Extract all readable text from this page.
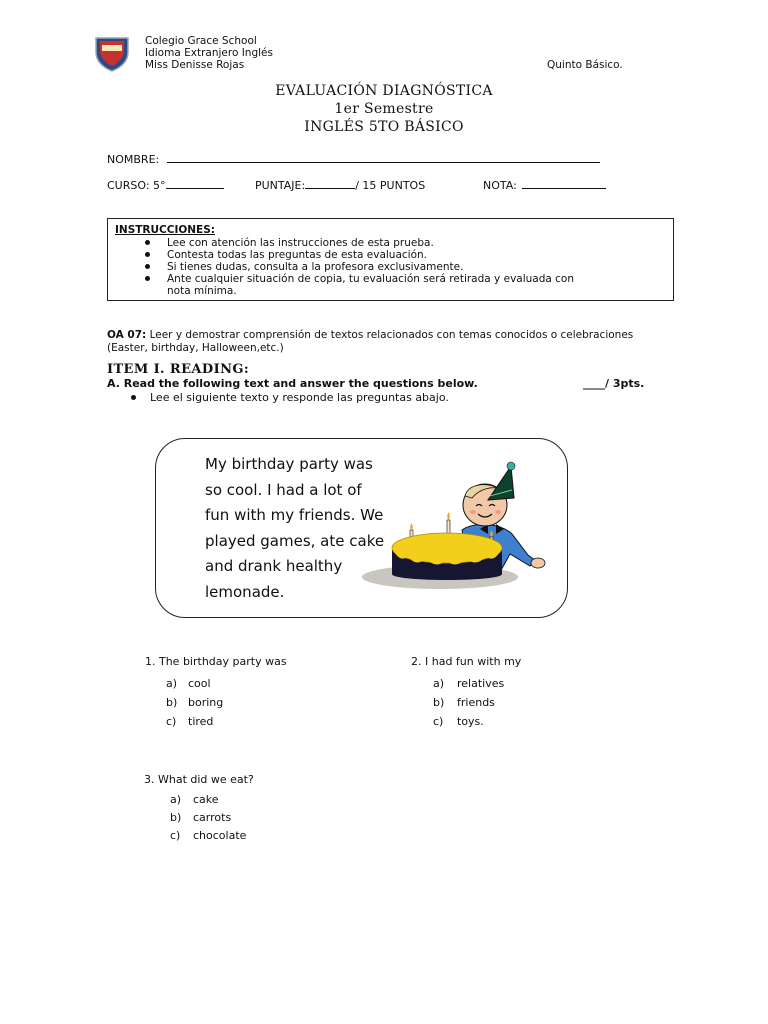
Colegio Grace School
Idioma Extranjero Inglés
Miss Denisse Rojas	Quinto Básico.
EVALUACIÓN DIAGNÓSTICA
1er Semestre
INGLÉS 5TO BÁSICO
NOMBRE:
CURSO: 5°	PUNTAJE:	/ 15 PUNTOS	NOTA:
INSTRUCCIONES:
Lee con atención las instrucciones de esta prueba.
Contesta todas las preguntas de esta evaluación.
Si tienes dudas, consulta a la profesora exclusivamente.
Ante cualquier situación de copia, tu evaluación será retirada y evaluada con
nota mínima.
OA 07: Leer y demostrar comprensión de textos relacionados con temas conocidos o celebraciones
(Easter, birthday, Halloween,etc.)
ITEM I. READING:
A. Read the following text and answer the questions below.	____/ 3pts.
Lee el siguiente texto y responde las preguntas abajo.
My birthday party was
so cool. I had a lot of
fun with my friends. We
played games, ate cake
and drank healthy
lemonade.
1. The birthday party was
a) cool
b) boring
c) tired
2. I had fun with my
a) relatives
b) friends
c) toys.
3. What did we eat?
a) cake
b) carrots
c) chocolate
